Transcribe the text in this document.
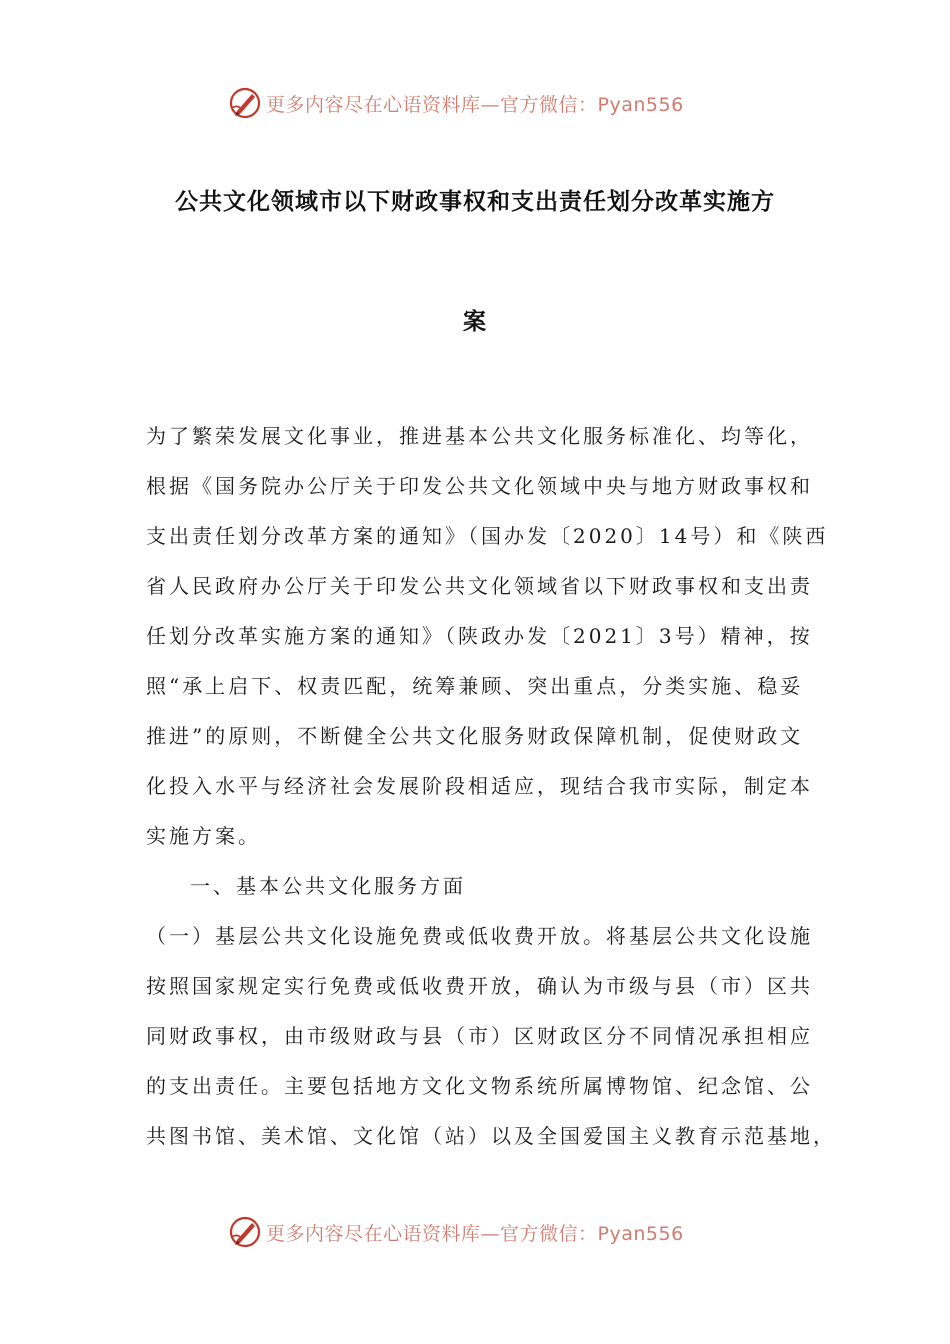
更多内容尽在心语资料库—官方微信：Pyan556
公共文化领域市以下财政事权和支出责任划分改革实施方
案
为了繁荣发展文化事业，推进基本公共文化服务标准化、均等化，
根据《国务院办公厅关于印发公共文化领域中央与地方财政事权和
支出责任划分改革方案的通知》（国办发〔2020〕14号）和《陕西
省人民政府办公厅关于印发公共文化领域省以下财政事权和支出责
任划分改革实施方案的通知》（陕政办发〔2021〕3号）精神，按
照“承上启下、权责匹配，统筹兼顾、突出重点，分类实施、稳妥
推进”的原则，不断健全公共文化服务财政保障机制，促使财政文
化投入水平与经济社会发展阶段相适应，现结合我市实际，制定本
实施方案。
一、基本公共文化服务方面
（一）基层公共文化设施免费或低收费开放。将基层公共文化设施
按照国家规定实行免费或低收费开放，确认为市级与县（市）区共
同财政事权，由市级财政与县（市）区财政区分不同情况承担相应
的支出责任。主要包括地方文化文物系统所属博物馆、纪念馆、公
共图书馆、美术馆、文化馆（站）以及全国爱国主义教育示范基地，
更多内容尽在心语资料库—官方微信：Pyan556
